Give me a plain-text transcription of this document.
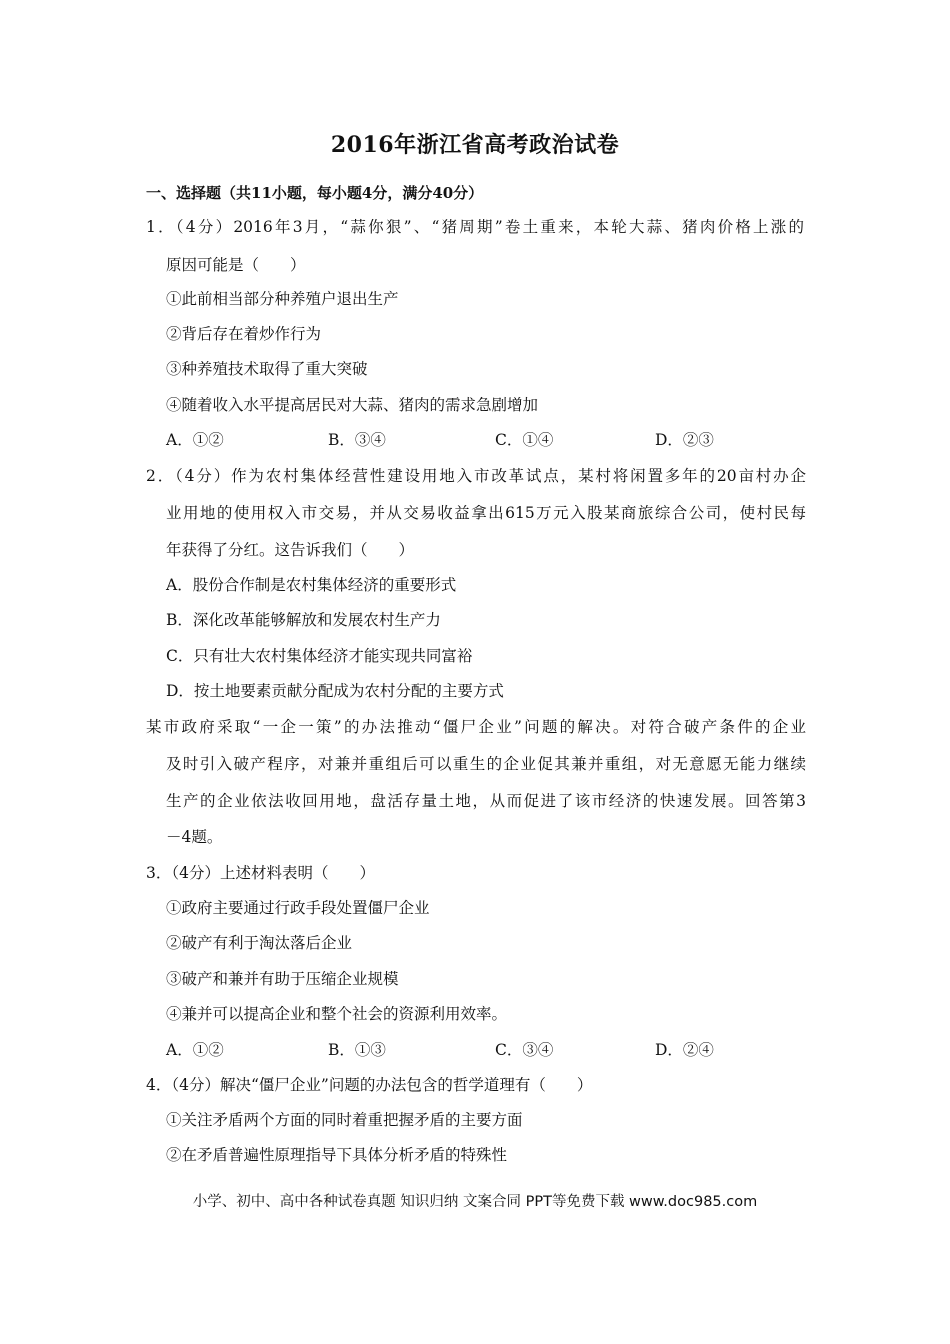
2016年浙江省高考政治试卷
一、选择题（共11小题，每小题4分，满分40分）
1．（4分）2016年3月，“蒜你狠”、“猪周期”卷土重来，本轮大蒜、猪肉价格上涨的
原因可能是（　　）
①此前相当部分种养殖户退出生产
②背后存在着炒作行为
③种养殖技术取得了重大突破
④随着收入水平提高居民对大蒜、猪肉的需求急剧增加
A．①②	B．③④	C．①④	D．②③
2．（4分）作为农村集体经营性建设用地入市改革试点，某村将闲置多年的20亩村办企
业用地的使用权入市交易，并从交易收益拿出615万元入股某商旅综合公司，使村民每
年获得了分红。这告诉我们（　　）
A．股份合作制是农村集体经济的重要形式
B．深化改革能够解放和发展农村生产力
C．只有壮大农村集体经济才能实现共同富裕
D．按土地要素贡献分配成为农村分配的主要方式
某市政府采取“一企一策”的办法推动“僵尸企业”问题的解决。对符合破产条件的企业
及时引入破产程序，对兼并重组后可以重生的企业促其兼并重组，对无意愿无能力继续
生产的企业依法收回用地，盘活存量土地，从而促进了该市经济的快速发展。回答第3
－4题。
3．（4分）上述材料表明（　　）
①政府主要通过行政手段处置僵尸企业
②破产有利于淘汰落后企业
③破产和兼并有助于压缩企业规模
④兼并可以提高企业和整个社会的资源利用效率。
A．①②	B．①③	C．③④	D．②④
4．（4分）解决“僵尸企业”问题的办法包含的哲学道理有（　　）
①关注矛盾两个方面的同时着重把握矛盾的主要方面
②在矛盾普遍性原理指导下具体分析矛盾的特殊性
小学、初中、高中各种试卷真题 知识归纳 文案合同 PPT等免费下载 www.doc985.com
